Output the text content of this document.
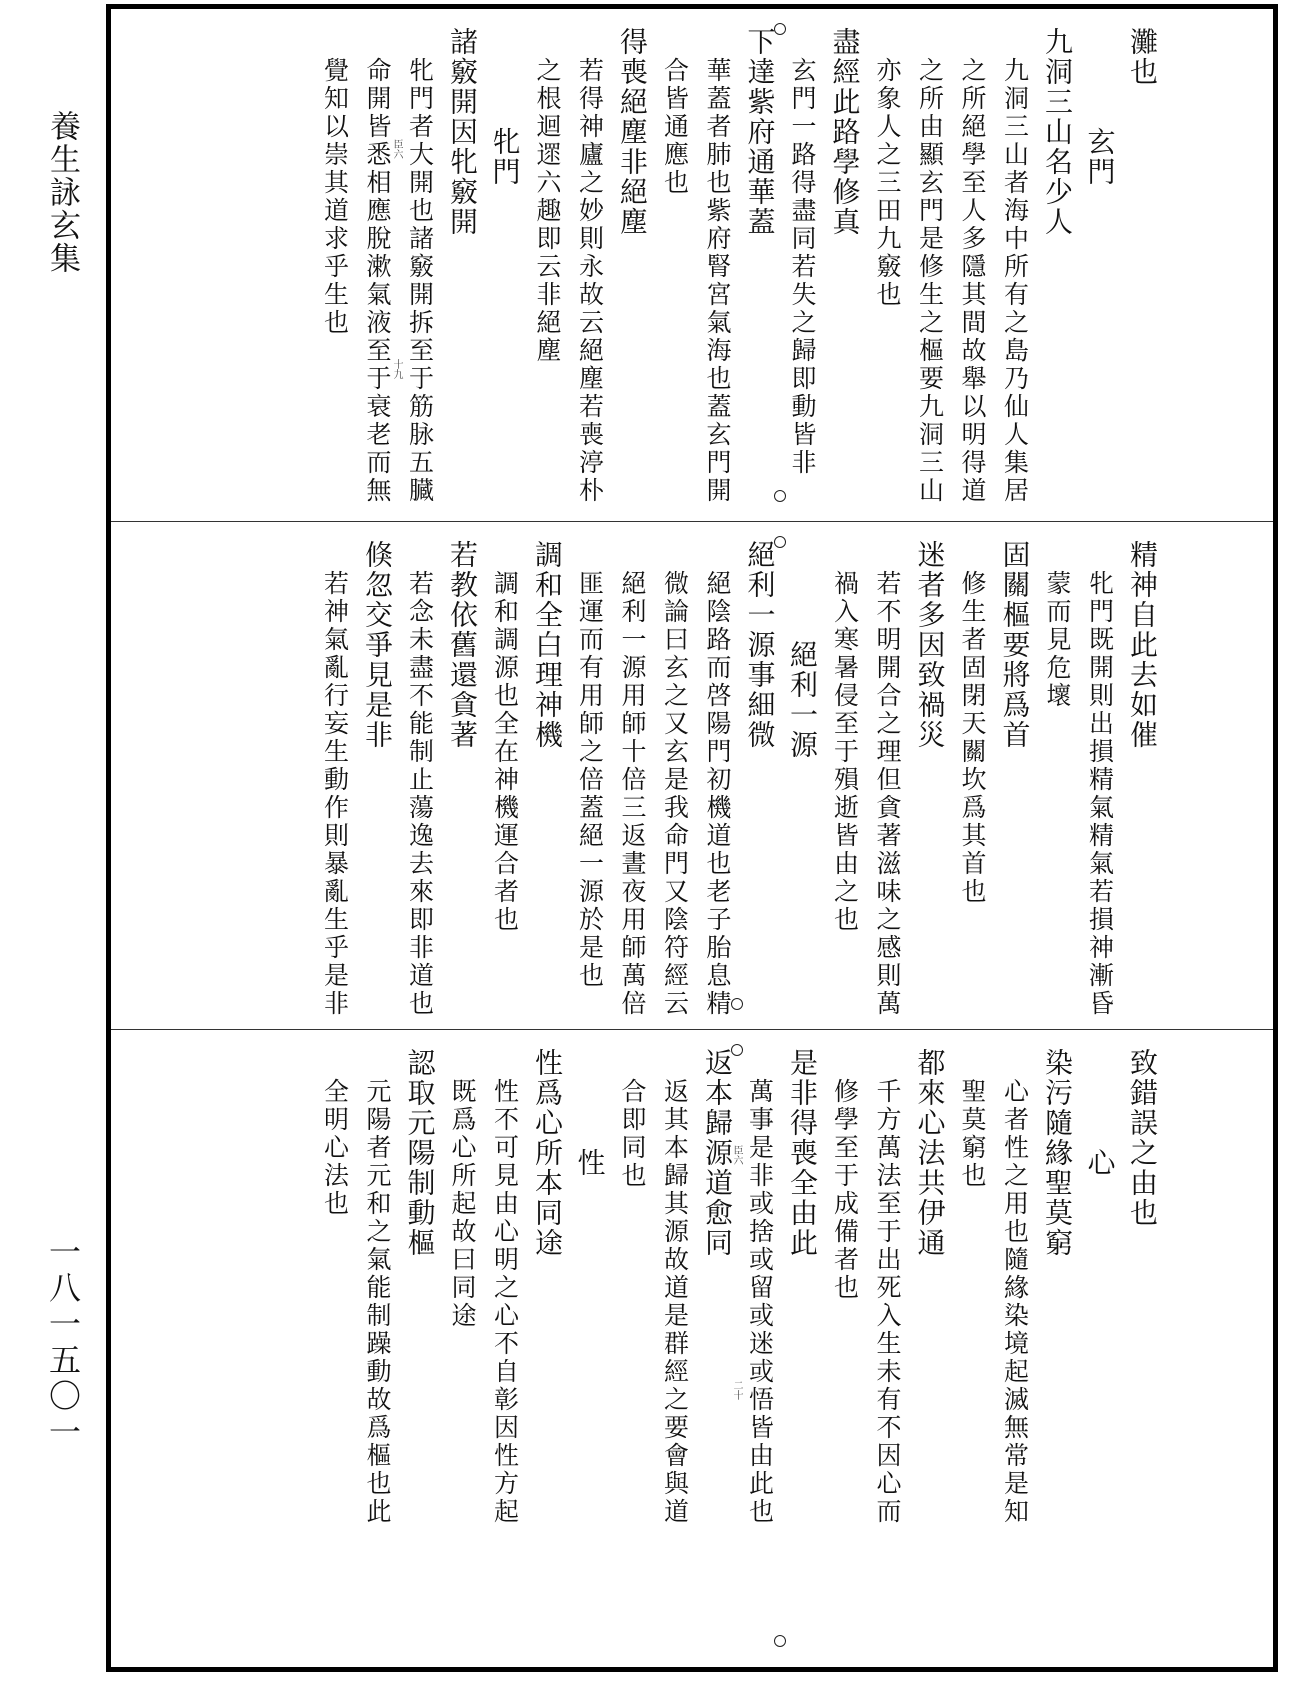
養生詠玄集
一八一五〇一
灘也
玄門
九洞三山名少人
九洞三山者海中所有之島乃仙人集居
之所絕學至人多隱其間故舉以明得道
之所由顯玄門是修生之樞要九洞三山
亦象人之三田九竅也
盡經此路學修真
玄門一路得盡同若失之歸即動皆非
下達紫府通華蓋
華蓋者肺也紫府腎宮氣海也蓋玄門開
合皆通應也
得喪絕塵非絕塵
若得神廬之妙則永故云絕塵若喪渟朴
之根迴遝六趣即云非絕塵
牝門
諸竅開因牝竅開
牝門者大開也諸竅開拆至于筋脉五臓
命開皆悉相應脫漱氣液至于衰老而無
覺知以崇其道求乎生也	臣六
十九
精神自此去如催
牝門既開則出損精氣精氣若損神漸昏
蒙而見危壞
固關樞要將爲首
修生者固閉天關坎爲其首也
迷者多因致禍災
若不明開合之理但貪著滋味之感則萬
禍入寒暑侵至于殞逝皆由之也
絕利一源
絕利一源事細微
絕陰路而啓陽門初機道也老子胎息精
微論曰玄之又玄是我命門又陰符經云
絕利一源用師十倍三返晝夜用師萬倍
匪運而有用師之倍蓋絕一源於是也
調和全白理神機
調和調源也全在神機運合者也
若教依舊還貪著
若念未盡不能制止蕩逸去來即非道也
倏忽交爭見是非
若神氣亂行妄生動作則暴亂生乎是非
致錯誤之由也
心
染污隨緣聖莫窮
心者性之用也隨緣染境起滅無常是知
聖莫窮也
都來心法共伊通
千方萬法至于出死入生未有不因心而
修學至于成備者也
是非得喪全由此
萬事是非或捨或留或迷或悟皆由此也
返本歸源道愈同
返其本歸其源故道是群經之要會與道
合即同也
性
性爲心所本同途
性不可見由心明之心不自彰因性方起
既爲心所起故曰同途
認取元陽制動樞
元陽者元和之氣能制躁動故爲樞也此
全明心法也	臣六
二十
